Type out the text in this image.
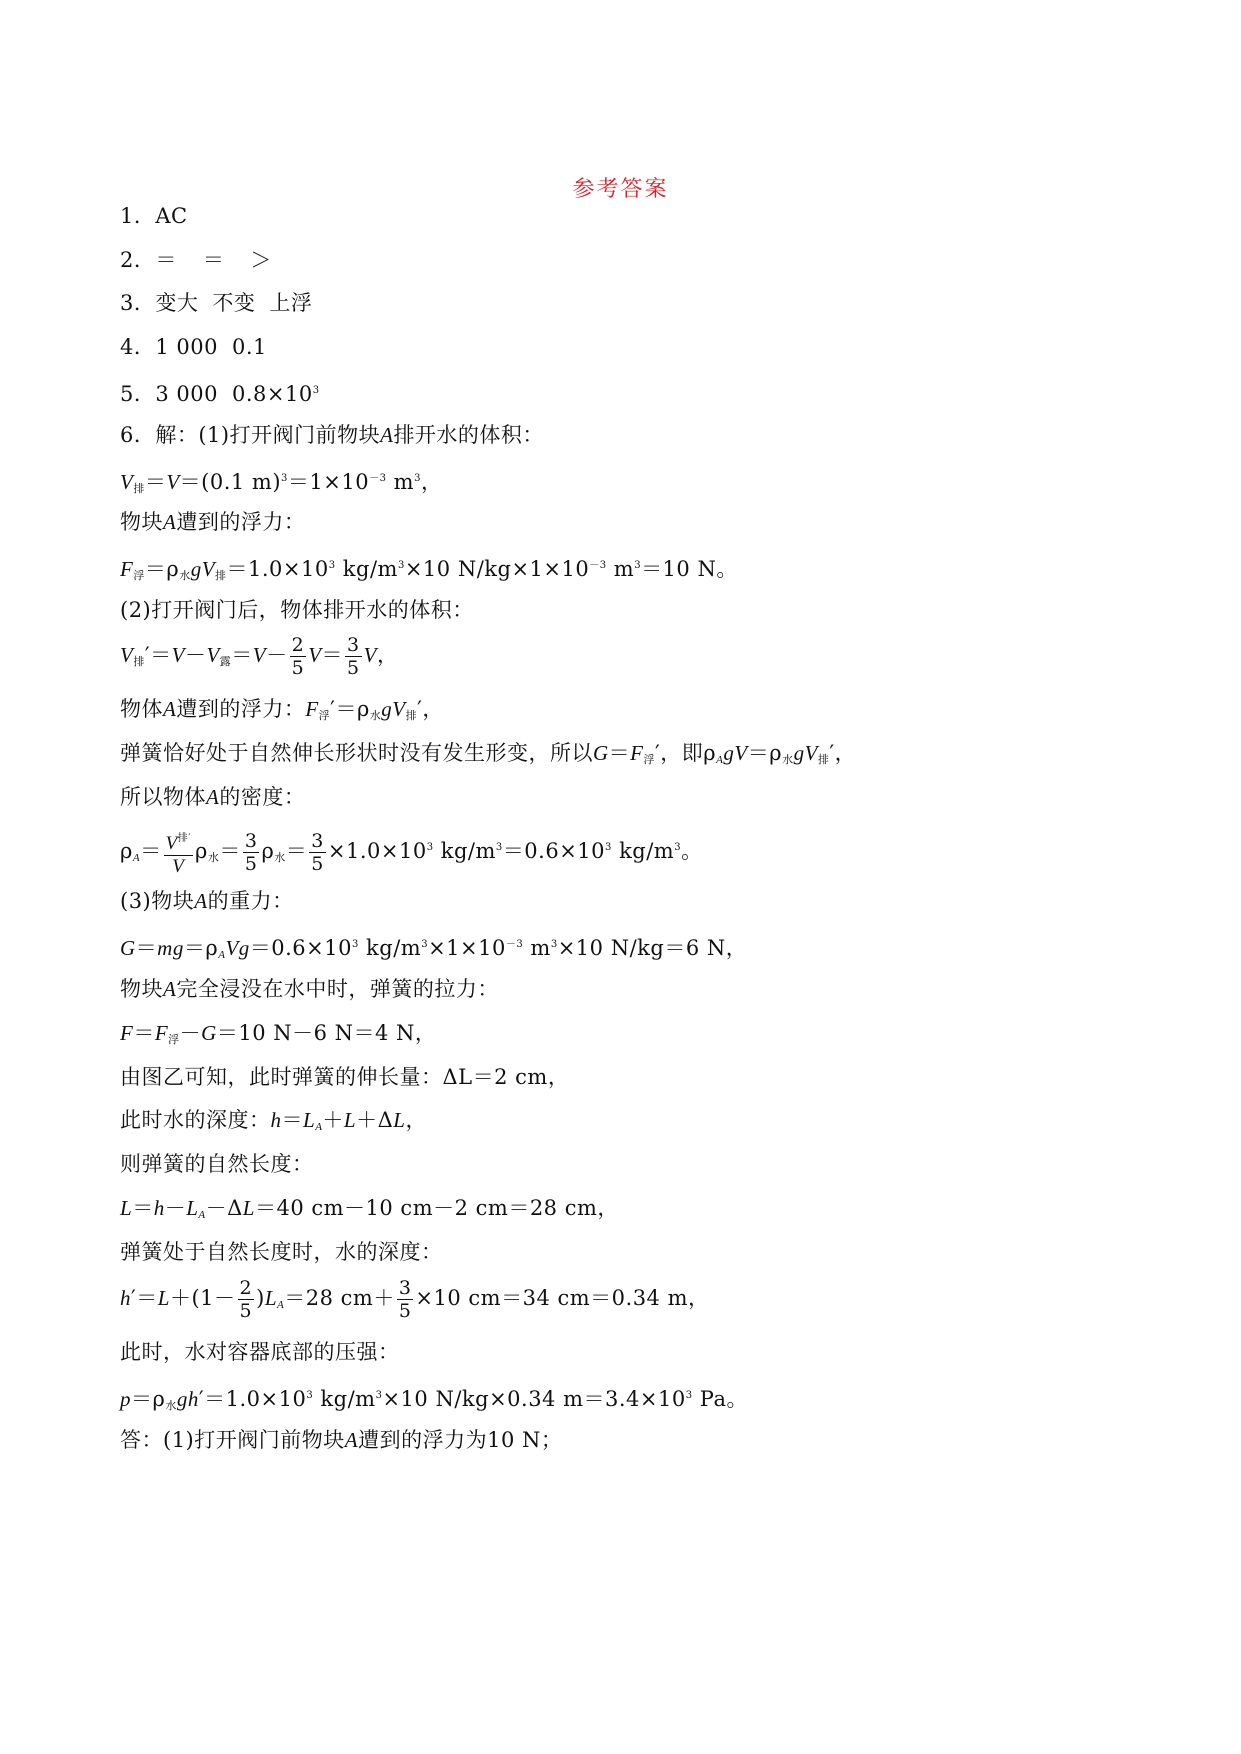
参考答案
1．AC
2．＝ ＝ ＞
3．变大 不变 上浮
4．1 000 0.1
5．3 000 $0.8\times 10^3$
6．解：(1)打开阀门前物块A排开水的体积：
$V_排=V=(0.1$ $m)^3=1\times 10^{-3}$ $m^3$，
物块A遭到的浮力：
$F_浮=\rho_水gV_排=1.0\times 10^3$ $kg/m^3\times 10$ $N/kg\times 1\times 10^{-3}$ $m^3=10$ N。
(2)打开阀门后，物体排开水的体积：
$V_排'=V-V_露=V- \frac{2}{5} V= \frac{3}{5}$ V，
物体A遭到的浮力：$F_浮'=\rho_水gV_排'$，
弹簧恰好处于自然伸长形状时没有发生形变，所以$G=F_浮'$，即$\rho_AgV=\rho_水gV_排'$，
所以物体A的密度：
$\rho_A= \frac{V^{排'}}{V} \rho_水= \frac{3}{5} \rho_水= \frac{3}{5} \times 1.0\times 10^3$ $kg/m^3=0.6\times 10^3$ $kg/m^3$。
(3)物块A的重力：
$G=mg=\rho_AVg=0.6\times 10^3$ $kg/m^3\times 1\times 10^{-3}$ $m^3\times 10$ N/kg＝6 N，
物块A完全浸没在水中时，弹簧的拉力：
$F=F_浮-G=10$ N－6 N＝4 N，
由图乙可知，此时弹簧的伸长量：ΔL＝2 cm，
此时水的深度：$h=L_A+L+\Delta L$，
则弹簧的自然长度：
$L=h-L_A-\Delta L=40$ cm－10 cm－2 cm＝28 cm，
弹簧处于自然长度时，水的深度：
$h'=L+(1- \frac{2}{5} )L_A=28$ $cm+ \frac{3}{5} \times 10$ cm＝34 cm＝0.34 m，
此时，水对容器底部的压强：
$p=\rho_水gh'=1.0\times 10^3$ $kg/m^3\times 10$ N/kg×0.34 $m=3.4\times 10^3$ Pa。
答：(1)打开阀门前物块A遭到的浮力为10 N；
